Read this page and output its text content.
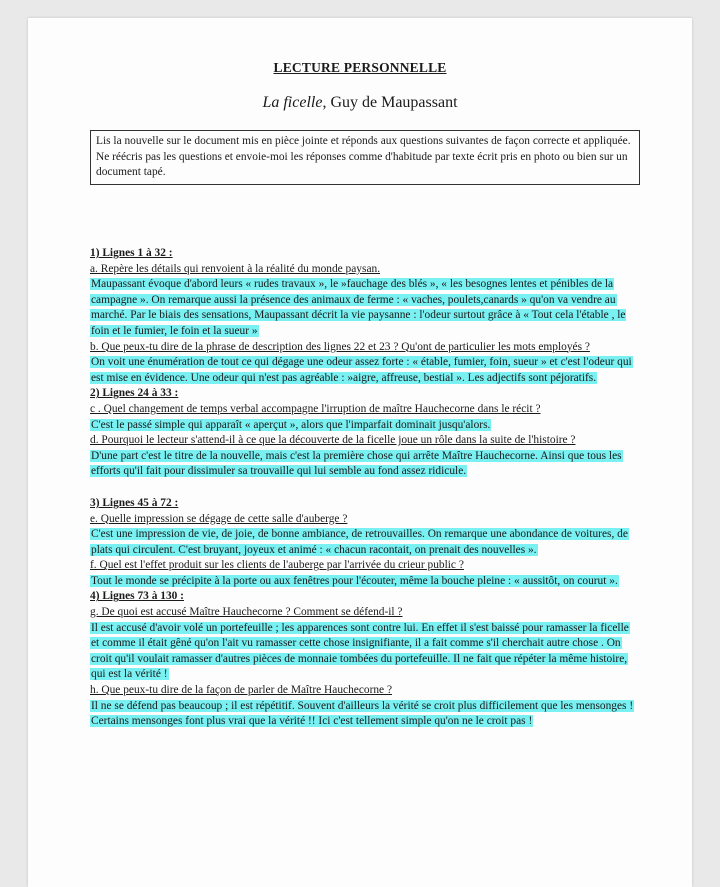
LECTURE PERSONNELLE
La ficelle, Guy de Maupassant

Lis la nouvelle sur le document mis en pièce jointe et réponds aux questions suivantes de façon correcte et appliquée.

Ne réécris pas les questions et envoie-moi les réponses comme d'habitude par texte écrit pris en photo ou bien sur un document tapé.

1) Lignes 1 à 32 :

a. Repère les détails qui renvoient à la réalité du monde paysan.

Maupassant évoque d'abord leurs « rudes travaux », le »fauchage des blés », « les besognes lentes et pénibles de la campagne ». On remarque aussi la présence des animaux de ferme : « vaches, poulets,canards » qu'on va vendre au marché. Par le biais des sensations, Maupassant décrit la vie paysanne : l'odeur surtout grâce à « Tout cela l'étable , le foin et le fumier, le foin et la sueur »

b. Que peux-tu dire de la phrase de description des lignes 22 et 23 ? Qu'ont de particulier les mots employés ?

On voit une énumération de tout ce qui dégage une odeur assez forte : « étable, fumier, foin, sueur » et c'est l'odeur qui est mise en évidence. Une odeur qui n'est pas agréable : »aigre, affreuse, bestial ». Les adjectifs sont péjoratifs.

2) Lignes 24 à 33 :

c . Quel changement de temps verbal accompagne l'irruption de maître Hauchecorne dans le récit ?

C'est le passé simple qui apparaît « aperçut », alors que l'imparfait dominait jusqu'alors.

d. Pourquoi le lecteur s'attend-il à ce que la découverte de la ficelle joue un rôle dans la suite de l'histoire ?

D'une part c'est le titre de la nouvelle, mais c'est la première chose qui arrête Maître Hauchecorne. Ainsi que tous les efforts qu'il fait pour dissimuler sa trouvaille qui lui semble au fond assez ridicule.

3) Lignes 45 à 72 :

e. Quelle impression se dégage de cette salle d'auberge ?

C'est une impression de vie, de joie, de bonne ambiance, de retrouvailles. On remarque une abondance de voitures, de plats qui circulent. C'est bruyant, joyeux et animé : « chacun racontait, on prenait des nouvelles ».

f. Quel est l'effet produit sur les clients de l'auberge par l'arrivée du crieur public ?

Tout le monde se précipite à la porte ou aux fenêtres pour l'écouter, même la bouche pleine : « aussitôt, on courut ».

4) Lignes 73 à 130 :

g. De quoi est accusé Maître Hauchecorne ? Comment se défend-il ?

Il est accusé d'avoir volé un portefeuille ; les apparences sont contre lui. En effet il s'est baissé pour ramasser la ficelle et comme il était gêné qu'on l'ait vu ramasser cette chose insignifiante, il a fait comme s'il cherchait autre chose . On croit qu'il voulait ramasser d'autres pièces de monnaie tombées du portefeuille. Il ne fait que répéter la même histoire, qui est la vérité !

h. Que peux-tu dire de la façon de parler de Maître Hauchecorne ?

Il ne se défend pas beaucoup ; il est répétitif. Souvent d'ailleurs la vérité se croit plus difficilement que les mensonges ! Certains mensonges font plus vrai que la vérité !! Ici c'est tellement simple qu'on ne le croit pas !
